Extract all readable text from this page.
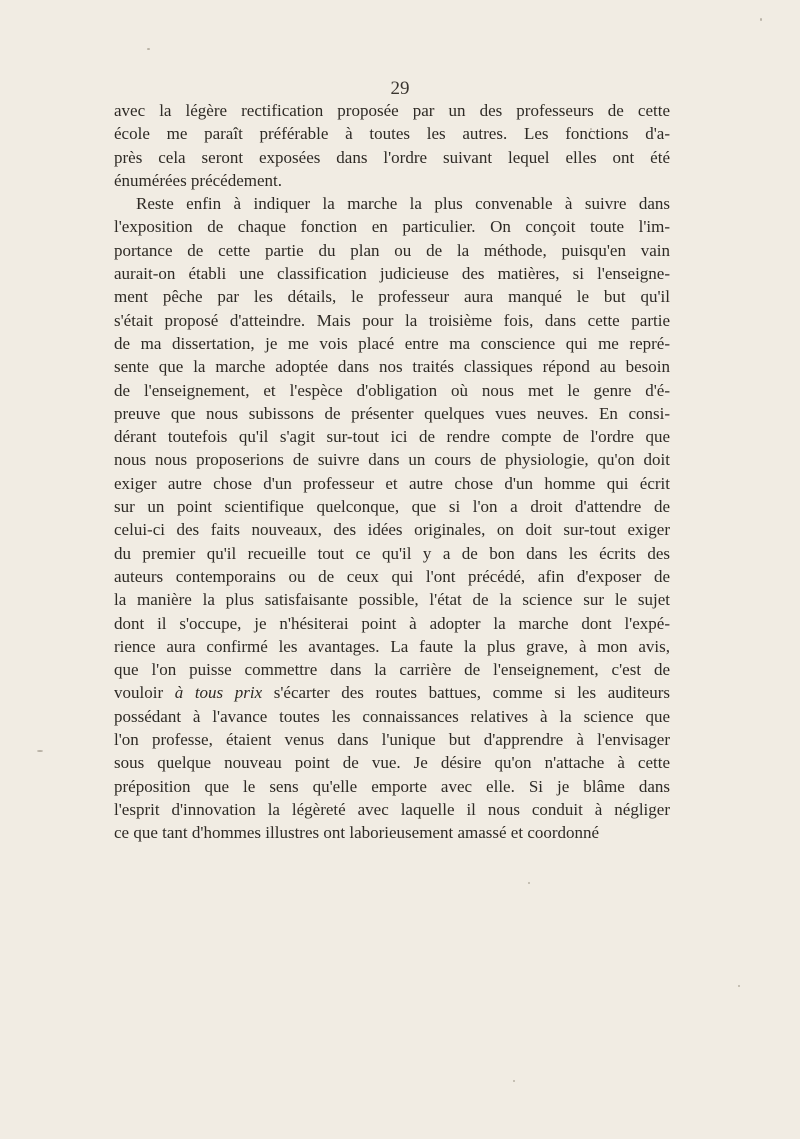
29
avec la légère rectification proposée par un des professeurs de cette
école me paraît préférable à toutes les autres. Les fonctions d'a-
près cela seront exposées dans l'ordre suivant lequel elles ont été
énumérées précédement.
Reste enfin à indiquer la marche la plus convenable à suivre dans
l'exposition de chaque fonction en particulier. On conçoit toute l'im-
portance de cette partie du plan ou de la méthode, puisqu'en vain
aurait-on établi une classification judicieuse des matières, si l'enseigne-
ment pêche par les détails, le professeur aura manqué le but qu'il
s'était proposé d'atteindre. Mais pour la troisième fois, dans cette partie
de ma dissertation, je me vois placé entre ma conscience qui me repré-
sente que la marche adoptée dans nos traités classiques répond au besoin
de l'enseignement, et l'espèce d'obligation où nous met le genre d'é-
preuve que nous subissons de présenter quelques vues neuves. En consi-
dérant toutefois qu'il s'agit sur-tout ici de rendre compte de l'ordre que
nous nous proposerions de suivre dans un cours de physiologie, qu'on doit
exiger autre chose d'un professeur et autre chose d'un homme qui écrit
sur un point scientifique quelconque, que si l'on a droit d'attendre de
celui-ci des faits nouveaux, des idées originales, on doit sur-tout exiger
du premier qu'il recueille tout ce qu'il y a de bon dans les écrits des
auteurs contemporains ou de ceux qui l'ont précédé, afin d'exposer de
la manière la plus satisfaisante possible, l'état de la science sur le sujet
dont il s'occupe, je n'hésiterai point à adopter la marche dont l'expé-
rience aura confirmé les avantages. La faute la plus grave, à mon avis,
que l'on puisse commettre dans la carrière de l'enseignement, c'est de
vouloir à tous prix s'écarter des routes battues, comme si les auditeurs
possédant à l'avance toutes les connaissances relatives à la science que
l'on professe, étaient venus dans l'unique but d'apprendre à l'envisager
sous quelque nouveau point de vue. Je désire qu'on n'attache à cette
préposition que le sens qu'elle emporte avec elle. Si je blâme dans
l'esprit d'innovation la légèreté avec laquelle il nous conduit à négliger
ce que tant d'hommes illustres ont laborieusement amassé et coordonné
